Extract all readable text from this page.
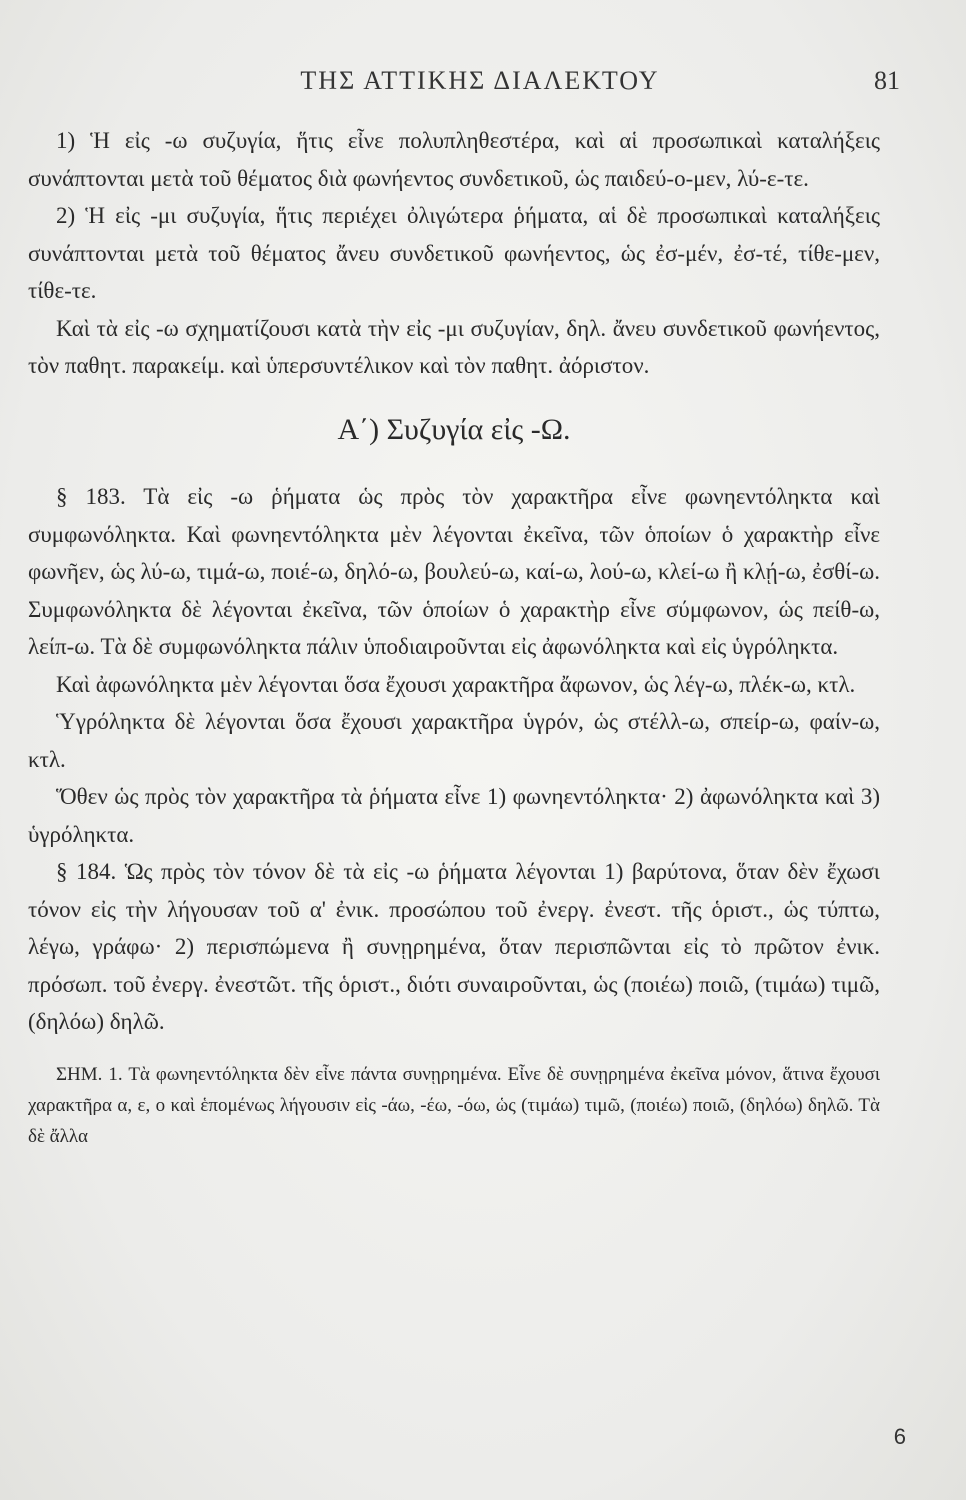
ΤΗΣ ΑΤΤΙΚΗΣ ΔΙΑΛΕΚΤΟΥ	81

1) Ἡ εἰς -ω συζυγία, ἥτις εἶνε πολυπληθεστέρα, καὶ αἱ προσωπικαὶ καταλήξεις συνάπτονται μετὰ τοῦ θέματος διὰ φωνήεντος συνδετικοῦ, ὡς παιδεύ-ο-μεν, λύ-ε-τε.

2) Ἡ εἰς -μι συζυγία, ἥτις περιέχει ὀλιγώτερα ῥήματα, αἱ δὲ προσωπικαὶ καταλήξεις συνάπτονται μετὰ τοῦ θέματος ἄνευ συνδετικοῦ φωνήεντος, ὡς ἐσ-μέν, ἐσ-τέ, τίθε-μεν, τίθε-τε.

Καὶ τὰ εἰς -ω σχηματίζουσι κατὰ τὴν εἰς -μι συζυγίαν, δηλ. ἄνευ συνδετικοῦ φωνήεντος, τὸν παθητ. παρακείμ. καὶ ὑπερσυντέλικον καὶ τὸν παθητ. ἀόριστον.

Α΄) Συζυγία εἰς -Ω.

§ 183. Τὰ εἰς -ω ῥήματα ὡς πρὸς τὸν χαρακτῆρα εἶνε φωνηεντόληκτα καὶ συμφωνόληκτα. Καὶ φωνηεντόληκτα μὲν λέγονται ἐκεῖνα, τῶν ὁποίων ὁ χαρακτὴρ εἶνε φωνῆεν, ὡς λύ-ω, τιμά-ω, ποιέ-ω, δηλό-ω, βουλεύ-ω, καί-ω, λού-ω, κλεί-ω ἢ κλῄ-ω, ἐσθί-ω. Συμφωνόληκτα δὲ λέγονται ἐκεῖνα, τῶν ὁποίων ὁ χαρακτὴρ εἶνε σύμφωνον, ὡς πείθ-ω, λείπ-ω. Τὰ δὲ συμφωνόληκτα πάλιν ὑποδιαιροῦνται εἰς ἀφωνόληκτα καὶ εἰς ὑγρόληκτα.

Καὶ ἀφωνόληκτα μὲν λέγονται ὅσα ἔχουσι χαρακτῆρα ἄφωνον, ὡς λέγ-ω, πλέκ-ω, κτλ.

Ὑγρόληκτα δὲ λέγονται ὅσα ἔχουσι χαρακτῆρα ὑγρόν, ὡς στέλλ-ω, σπείρ-ω, φαίν-ω, κτλ.

Ὅθεν ὡς πρὸς τὸν χαρακτῆρα τὰ ῥήματα εἶνε 1) φωνηεντόληκτα· 2) ἀφωνόληκτα καὶ 3) ὑγρόληκτα.

§ 184. Ὡς πρὸς τὸν τόνον δὲ τὰ εἰς -ω ῥήματα λέγονται 1) βαρύτονα, ὅταν δὲν ἔχωσι τόνον εἰς τὴν λήγουσαν τοῦ α' ἐνικ. προσώπου τοῦ ἐνεργ. ἐνεστ. τῆς ὁριστ., ὡς τύπτω, λέγω, γράφω· 2) περισπώμενα ἢ συνῃρημένα, ὅταν περισπῶνται εἰς τὸ πρῶτον ἐνικ. πρόσωπ. τοῦ ἐνεργ. ἐνεστῶτ. τῆς ὁριστ., διότι συναιροῦνται, ὡς (ποιέω) ποιῶ, (τιμάω) τιμῶ, (δηλόω) δηλῶ.

ΣΗΜ. 1. Τὰ φωνηεντόληκτα δὲν εἶνε πάντα συνῃρημένα. Εἶνε δὲ συνῃρημένα ἐκεῖνα μόνον, ἅτινα ἔχουσι χαρακτῆρα α, ε, ο καὶ ἑπομένως λήγουσιν εἰς -άω, -έω, -όω, ὡς (τιμάω) τιμῶ, (ποιέω) ποιῶ, (δηλόω) δηλῶ. Τὰ δὲ ἄλλα

6
